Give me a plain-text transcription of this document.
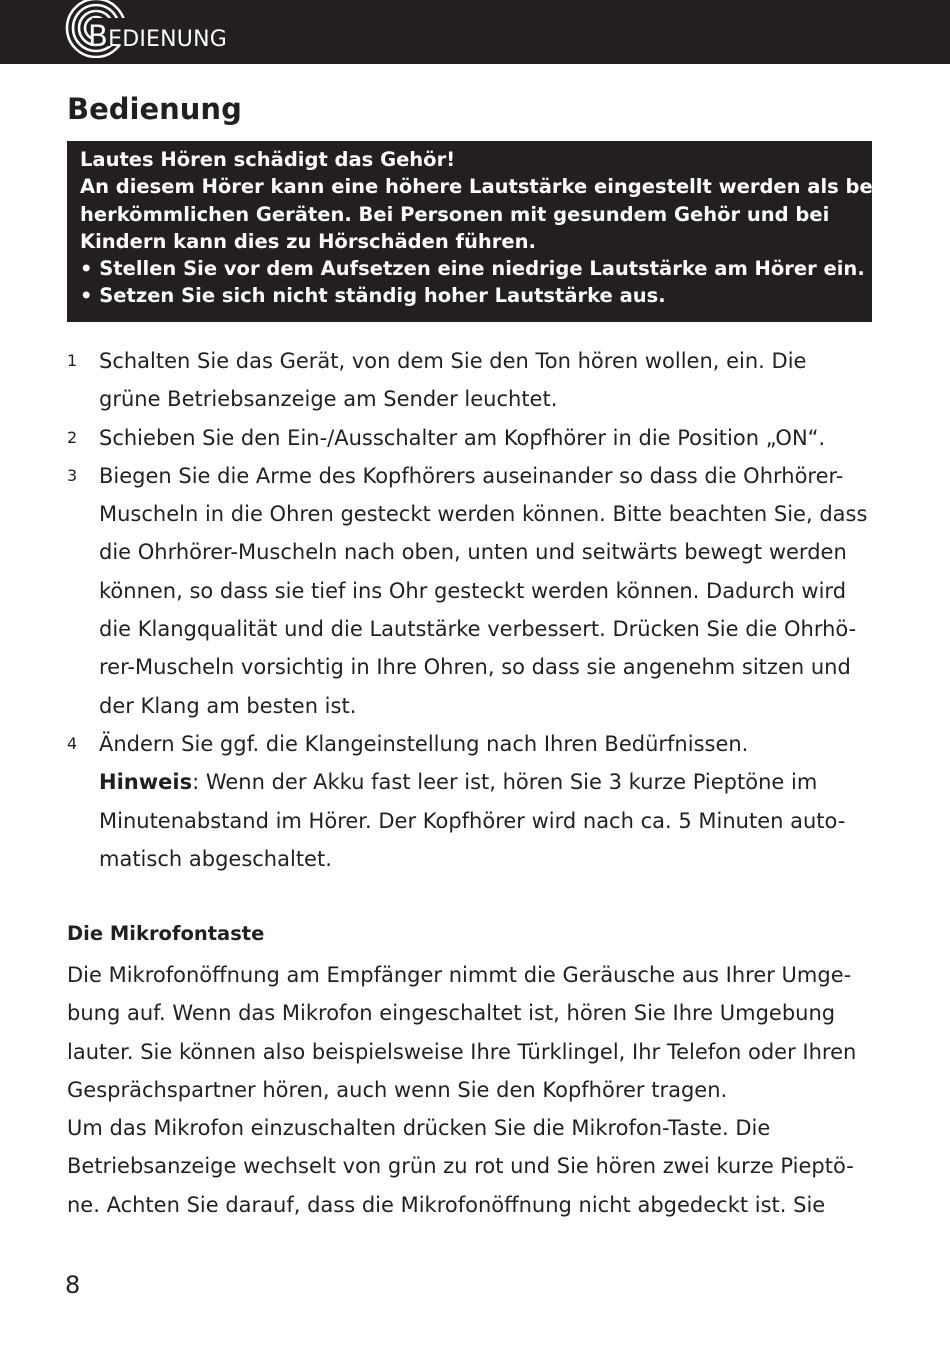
BEDIENUNG
Bedienung
Lautes Hören schädigt das Gehör!
An diesem Hörer kann eine höhere Lautstärke eingestellt werden als bei
herkömmlichen Geräten. Bei Personen mit gesundem Gehör und bei
Kindern kann dies zu Hörschäden führen.
• Stellen Sie vor dem Aufsetzen eine niedrige Lautstärke am Hörer ein.
• Setzen Sie sich nicht ständig hoher Lautstärke aus.
1	Schalten Sie das Gerät, von dem Sie den Ton hören wollen, ein. Die
grüne Betriebsanzeige am Sender leuchtet.
2	Schieben Sie den Ein-/Ausschalter am Kopfhörer in die Position „ON“.
3	Biegen Sie die Arme des Kopfhörers auseinander so dass die Ohrhörer-
Muscheln in die Ohren gesteckt werden können. Bitte beachten Sie, dass
die Ohrhörer-Muscheln nach oben, unten und seitwärts bewegt werden
können, so dass sie tief ins Ohr gesteckt werden können. Dadurch wird
die Klangqualität und die Lautstärke verbessert. Drücken Sie die Ohrhö-
rer-Muscheln vorsichtig in Ihre Ohren, so dass sie angenehm sitzen und
der Klang am besten ist.
4	Ändern Sie ggf. die Klangeinstellung nach Ihren Bedürfnissen.
Hinweis: Wenn der Akku fast leer ist, hören Sie 3 kurze Pieptöne im
Minutenabstand im Hörer. Der Kopfhörer wird nach ca. 5 Minuten auto-
matisch abgeschaltet.
Die Mikrofontaste
Die Mikrofonöffnung am Empfänger nimmt die Geräusche aus Ihrer Umge-
bung auf. Wenn das Mikrofon eingeschaltet ist, hören Sie Ihre Umgebung
lauter. Sie können also beispielsweise Ihre Türklingel, Ihr Telefon oder Ihren
Gesprächspartner hören, auch wenn Sie den Kopfhörer tragen.
Um das Mikrofon einzuschalten drücken Sie die Mikrofon-Taste. Die
Betriebsanzeige wechselt von grün zu rot und Sie hören zwei kurze Pieptö-
ne. Achten Sie darauf, dass die Mikrofonöffnung nicht abgedeckt ist. Sie
8
